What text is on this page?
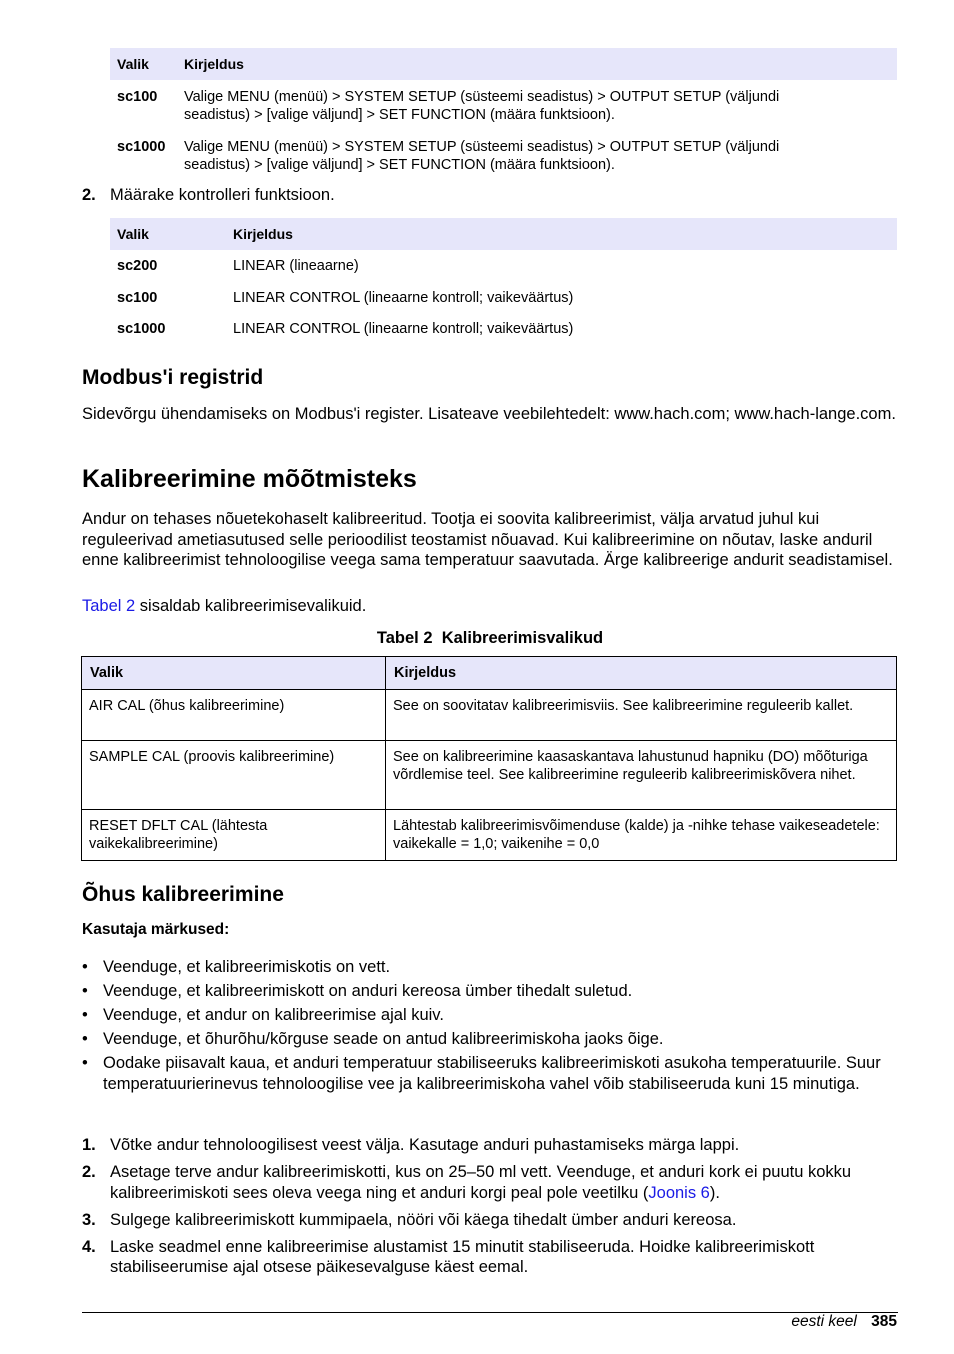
Valik	Kirjeldus
sc100 Valige MENU (menüü) > SYSTEM SETUP (süsteemi seadistus) > OUTPUT SETUP (väljundi
seadistus) > [valige väljund] > SET FUNCTION (määra funktsioon).
sc1000 Valige MENU (menüü) > SYSTEM SETUP (süsteemi seadistus) > OUTPUT SETUP (väljundi
seadistus) > [valige väljund] > SET FUNCTION (määra funktsioon).
2. Määrake kontrolleri funktsioon.
Valik	Kirjeldus
sc200	LINEAR (lineaarne)
sc100	LINEAR CONTROL (lineaarne kontroll; vaikeväärtus)
sc1000	LINEAR CONTROL (lineaarne kontroll; vaikeväärtus)
Modbus'i registrid

Sidevõrgu ühendamiseks on Modbus'i register. Lisateave veebilehtedelt: www.hach.com; www.hach-lange.com.

Kalibreerimine mõõtmisteks

Andur on tehases nõuetekohaselt kalibreeritud. Tootja ei soovita kalibreerimist, välja arvatud juhul kui reguleerivad ametiasutused selle perioodilist teostamist nõuavad. Kui kalibreerimine on nõutav, laske anduril enne kalibreerimist tehnoloogilise veega sama temperatuur saavutada. Ärge kalibreerige andurit seadistamisel.

Tabel 2 sisaldab kalibreerimisevalikuid.

Tabel 2  Kalibreerimisvalikud
Valik	Kirjeldus
AIR CAL (õhus kalibreerimine)	See on soovitatav kalibreerimisviis. See kalibreerimine reguleerib kallet.
SAMPLE CAL (proovis kalibreerimine)	See on kalibreerimine kaasaskantava lahustunud hapniku (DO) mõõturiga võrdlemise teel. See kalibreerimine reguleerib kalibreerimiskõvera nihet.
RESET DFLT CAL (lähtesta vaikekalibreerimine)	Lähtestab kalibreerimisvõimenduse (kalde) ja -nihke tehase vaikeseadetele: vaikekalle = 1,0; vaikenihe = 0,0
Õhus kalibreerimine
Kasutaja märkused:
• Veenduge, et kalibreerimiskotis on vett.
• Veenduge, et kalibreerimiskott on anduri kereosa ümber tihedalt suletud.
• Veenduge, et andur on kalibreerimise ajal kuiv.
• Veenduge, et õhurõhu/kõrguse seade on antud kalibreerimiskoha jaoks õige.
• Oodake piisavalt kaua, et anduri temperatuur stabiliseeruks kalibreerimiskoti asukoha temperatuurile. Suur temperatuurierinevus tehnoloogilise vee ja kalibreerimiskoha vahel võib stabiliseeruda kuni 15 minutiga.
1. Võtke andur tehnoloogilisest veest välja. Kasutage anduri puhastamiseks märga lappi.
2. Asetage terve andur kalibreerimiskotti, kus on 25–50 ml vett. Veenduge, et anduri kork ei puutu kokku kalibreerimiskoti sees oleva veega ning et anduri korgi peal pole veetilku (Joonis 6).
3. Sulgege kalibreerimiskott kummipaela, nööri või käega tihedalt ümber anduri kereosa.
4. Laske seadmel enne kalibreerimise alustamist 15 minutit stabiliseeruda. Hoidke kalibreerimiskott stabiliseerumise ajal otsese päikesevalguse käest eemal.
eesti keel 385
